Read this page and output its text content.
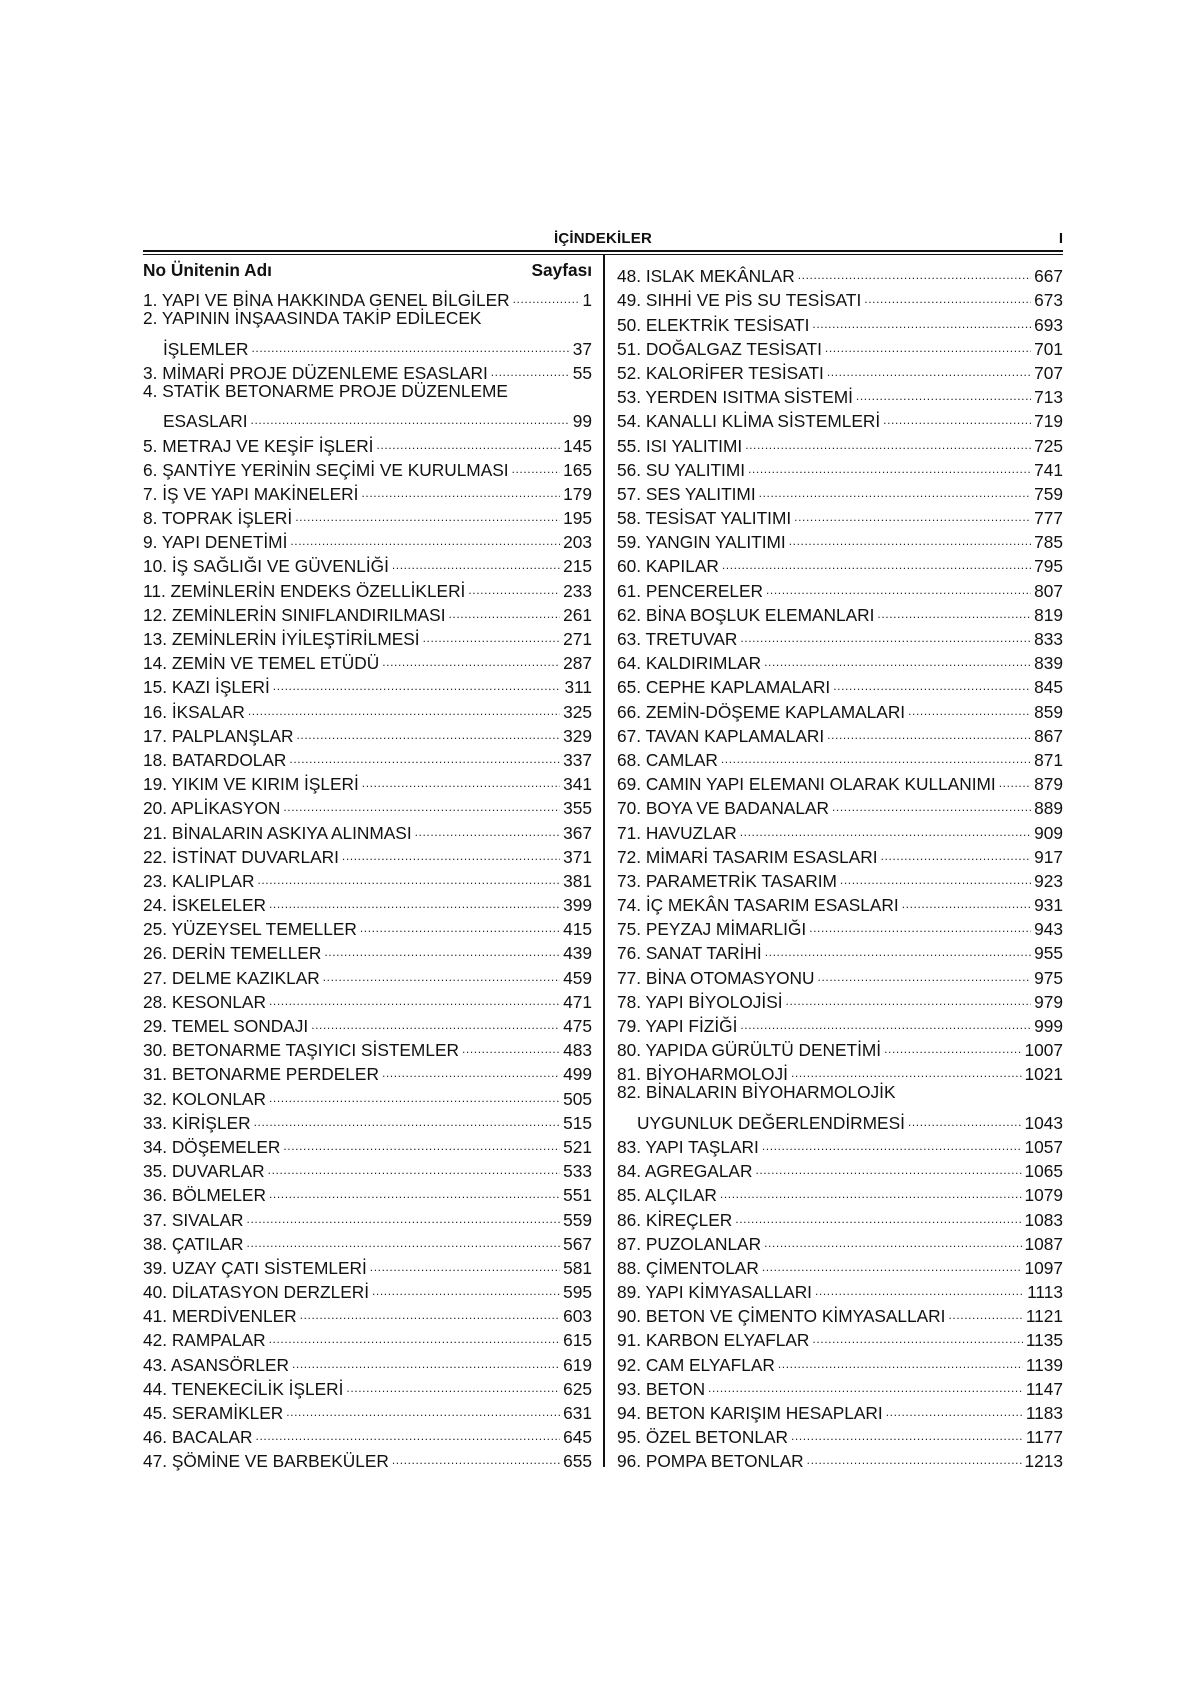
İÇİNDEKİLER	I
No Ünitenin Adı	Sayfası
1. YAPI VE BİNA HAKKINDA GENEL BİLGİLER .....	1
2. YAPININ İNŞAASINDA TAKİP EDİLECEK
İŞLEMLER .....	37
3. MİMARİ PROJE DÜZENLEME ESASLARI .....	55
4. STATİK BETONARME PROJE DÜZENLEME
ESASLARI .....	99
5. METRAJ VE KEŞİF İŞLERİ .....	145
6. ŞANTİYE YERİNİN SEÇİMİ VE KURULMASI .....	165
7. İŞ VE YAPI MAKİNELERİ .....	179
8. TOPRAK İŞLERİ .....	195
9. YAPI DENETİMİ .....	203
10. İŞ SAĞLIĞI VE GÜVENLİĞİ .....	215
11. ZEMİNLERİN ENDEKS ÖZELLİKLERİ .....	233
12. ZEMİNLERİN SINIFLANDIRILMASI .....	261
13. ZEMİNLERİN İYİLEŞTİRİLMESİ .....	271
14. ZEMİN VE TEMEL ETÜDÜ .....	287
15. KAZI İŞLERİ .....	311
16. İKSALAR .....	325
17. PALPLANŞLAR .....	329
18. BATARDOLAR .....	337
19. YIKIM VE KIRIM İŞLERİ .....	341
20. APLİKASYON .....	355
21. BİNALARIN ASKIYA ALINMASI .....	367
22. İSTİNAT DUVARLARI .....	371
23. KALIPLAR .....	381
24. İSKELELER .....	399
25. YÜZEYSEL TEMELLER .....	415
26. DERİN TEMELLER .....	439
27. DELME KAZIKLAR .....	459
28. KESONLAR .....	471
29. TEMEL SONDAJI .....	475
30. BETONARME TAŞIYICI SİSTEMLER .....	483
31. BETONARME PERDELER .....	499
32. KOLONLAR .....	505
33. KİRİŞLER .....	515
34. DÖŞEMELER .....	521
35. DUVARLAR .....	533
36. BÖLMELER .....	551
37. SIVALAR .....	559
38. ÇATILAR .....	567
39. UZAY ÇATI SİSTEMLERİ .....	581
40. DİLATASYON DERZLERİ .....	595
41. MERDİVENLER .....	603
42. RAMPALAR .....	615
43. ASANSÖRLER .....	619
44. TENEKECİLİK İŞLERİ .....	625
45. SERAMİKLER .....	631
46. BACALAR .....	645
47. ŞÖMİNE VE BARBEKÜLER .....	655
48. ISLAK MEKÂNLAR .....	667
49. SIHHİ VE PİS SU TESİSATI .....	673
50. ELEKTRİK TESİSATI .....	693
51. DOĞALGAZ TESİSATI .....	701
52. KALORİFER TESİSATI .....	707
53. YERDEN ISITMA SİSTEMİ .....	713
54. KANALLI KLİMA SİSTEMLERİ .....	719
55. ISI YALITIMI .....	725
56. SU YALITIMI .....	741
57. SES YALITIMI .....	759
58. TESİSAT YALITIMI .....	777
59. YANGIN YALITIMI .....	785
60. KAPILAR .....	795
61. PENCERELER .....	807
62. BİNA BOŞLUK ELEMANLARI .....	819
63. TRETUVAR .....	833
64. KALDIRIMLAR .....	839
65. CEPHE KAPLAMALARI .....	845
66. ZEMİN-DÖŞEME KAPLAMALARI .....	859
67. TAVAN KAPLAMALARI .....	867
68. CAMLAR .....	871
69. CAMIN YAPI ELEMANI OLARAK KULLANIMI ..... 879
70. BOYA VE BADANALAR .....	889
71. HAVUZLAR .....	909
72. MİMARİ TASARIM ESASLARI .....	917
73. PARAMETRİK TASARIM .....	923
74. İÇ MEKÂN TASARIM ESASLARI .....	931
75. PEYZAJ MİMARLIĞI .....	943
76. SANAT TARİHİ .....	955
77. BİNA OTOMASYONU .....	975
78. YAPI BİYOLOJİSİ .....	979
79. YAPI FİZİĞİ .....	999
80. YAPIDA GÜRÜLTÜ DENETİMİ .....	1007
81. BİYOHARMOLOJİ .....	1021
82. BİNALARIN BİYOHARMOLOJİK
UYGUNLUK DEĞERLENDİRMESİ .....	1043
83. YAPI TAŞLARI .....	1057
84. AGREGALAR .....	1065
85. ALÇILAR .....	1079
86. KİREÇLER .....	1083
87. PUZOLANLAR .....	1087
88. ÇİMENTOLAR .....	1097
89. YAPI KİMYASALLARI .....	1113
90. BETON VE ÇİMENTO KİMYASALLARI .....	1121
91. KARBON ELYAFLAR .....	1135
92. CAM ELYAFLAR .....	1139
93. BETON .....	1147
94. BETON KARIŞIM HESAPLARI .....	1183
95. ÖZEL BETONLAR .....	1177
96. POMPA BETONLAR .....	1213
